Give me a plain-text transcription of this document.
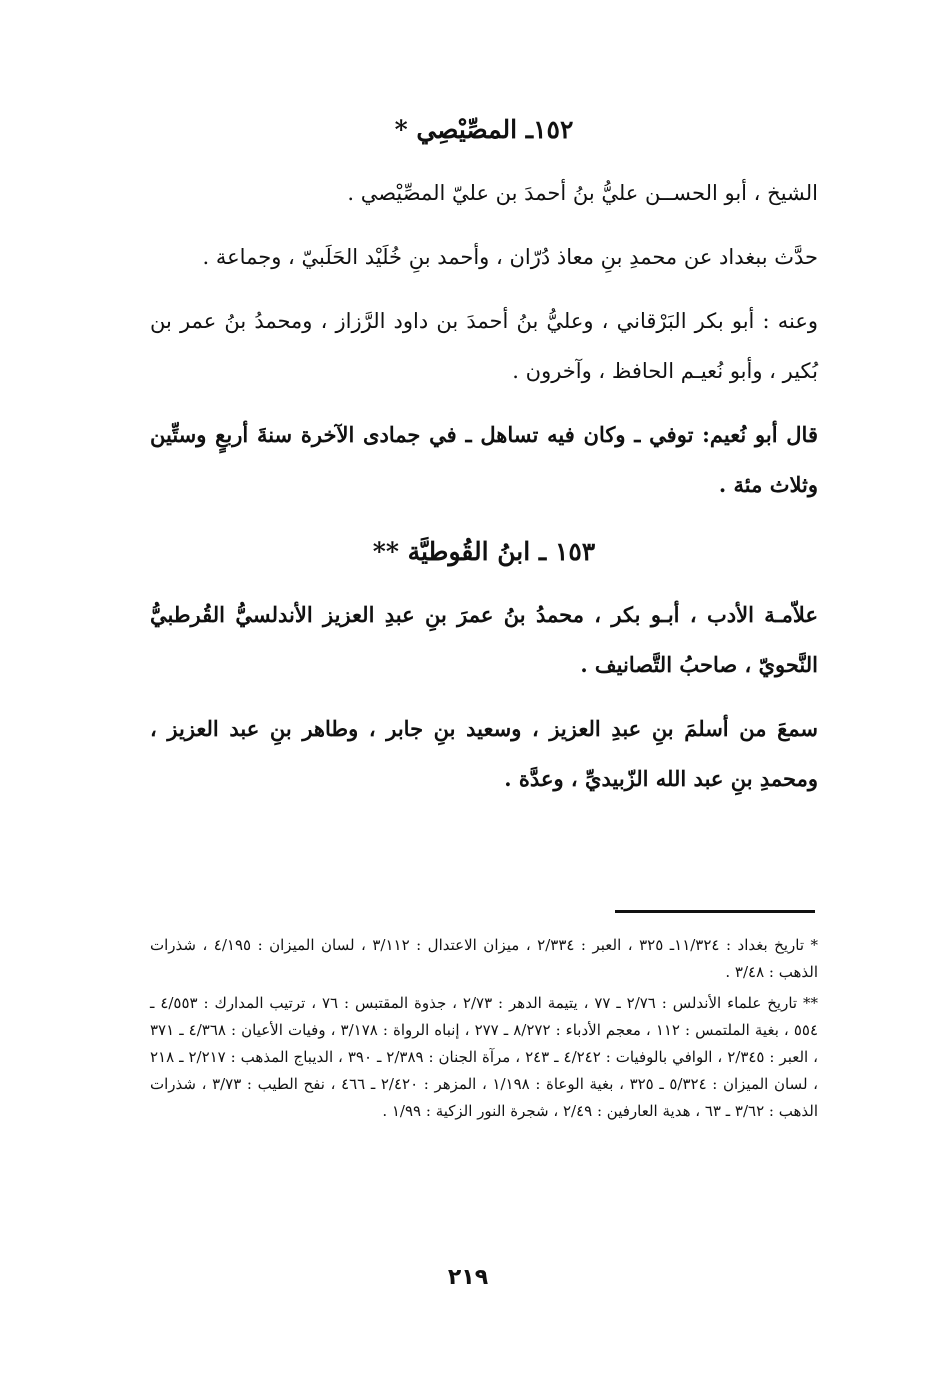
١٥٢ـ المصِّيْصِي *

الشيخ ، أبو الحســن عليُّ بنُ أحمدَ بن عليّ المصِّيْصي .

حدَّث ببغداد عن محمدِ بنِ معاذ دُرّان ، وأحمد بنِ خُلَيْد الحَلَبيّ ، وجماعة .

وعنه : أبو بكر البَرْقاني ، وعليُّ بنُ أحمدَ بن داود الرَّزاز ، ومحمدُ بنُ عمر بن بُكير ، وأبو نُعيـم الحافظ ، وآخرون .

قال أبو نُعيم: توفي ـ وكان فيه تساهل ـ في جمادى الآخرة سنةَ أربعٍ وستِّين وثلاث مئة .

١٥٣ ـ ابنُ القُوطيَّة **

علاّمـة الأدب ، أبـو بكر ، محمدُ بنُ عمرَ بنِ عبدِ العزيز الأندلسيُّ القُرطبيُّ النَّحويّ ، صاحبُ التَّصانيف .

سمعَ من أسلمَ بنِ عبدِ العزيز ، وسعيد بنِ جابر ، وطاهر بنِ عبد العزيز ، ومحمدِ بنِ عبد الله الزّبيديِّ ، وعدَّة .

* تاريخ بغداد : ١١/٣٢٤ـ ٣٢٥ ، العبر : ٢/٣٣٤ ، ميزان الاعتدال : ٣/١١٢ ، لسان الميزان : ٤/١٩٥ ، شذرات الذهب : ٣/٤٨ .

** تاريخ علماء الأندلس : ٢/٧٦ ـ ٧٧ ، يتيمة الدهر : ٢/٧٣ ، جذوة المقتبس : ٧٦ ، ترتيب المدارك : ٤/٥٥٣ ـ ٥٥٤ ، بغية الملتمس : ١١٢ ، معجم الأدباء : ٨/٢٧٢ ـ ٢٧٧ ، إنباه الرواة : ٣/١٧٨ ، وفيات الأعيان : ٤/٣٦٨ ـ ٣٧١ ، العبر : ٢/٣٤٥ ، الوافي بالوفيات : ٤/٢٤٢ ـ ٢٤٣ ، مرآة الجنان : ٢/٣٨٩ ـ ٣٩٠ ، الديباج المذهب : ٢/٢١٧ ـ ٢١٨ ، لسان الميزان : ٥/٣٢٤ ـ ٣٢٥ ، بغية الوعاة : ١/١٩٨ ، المزهر : ٢/٤٢٠ ـ ٤٦٦ ، نفح الطيب : ٣/٧٣ ، شذرات الذهب : ٣/٦٢ ـ ٦٣ ، هدية العارفين : ٢/٤٩ ، شجرة النور الزكية : ١/٩٩ .

٢١٩
